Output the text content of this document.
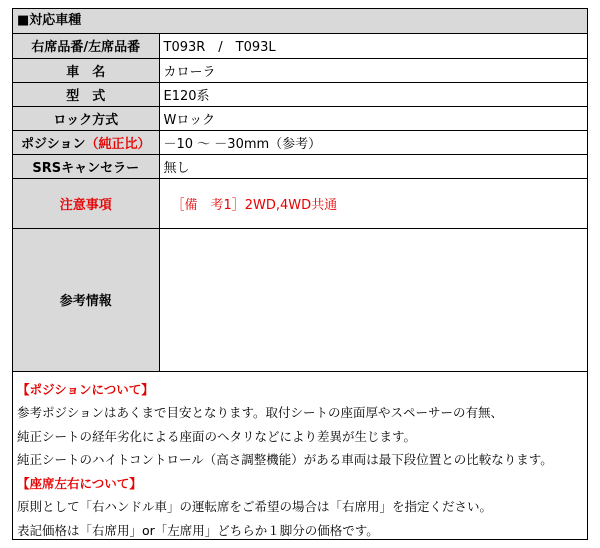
■対応車種
右席品番/左席品番	T093R　/　T093L
車　名	カローラ
型　式	E120系
ロック方式	Wロック
ポジション（純正比）	－10 ～ －30mm（参考）
SRSキャンセラー	無し
注意事項	［備　考1］2WD,4WD共通
参考情報	
【ポジションについて】
参考ポジションはあくまで目安となります。取付シートの座面厚やスペーサーの有無、
純正シートの経年劣化による座面のヘタリなどにより差異が生じます。
純正シートのハイトコントロール（高さ調整機能）がある車両は最下段位置との比較なります。
【座席左右について】
原則として「右ハンドル車」の運転席をご希望の場合は「右席用」を指定ください。
表記価格は「右席用」or「左席用」どちらか１脚分の価格です。
